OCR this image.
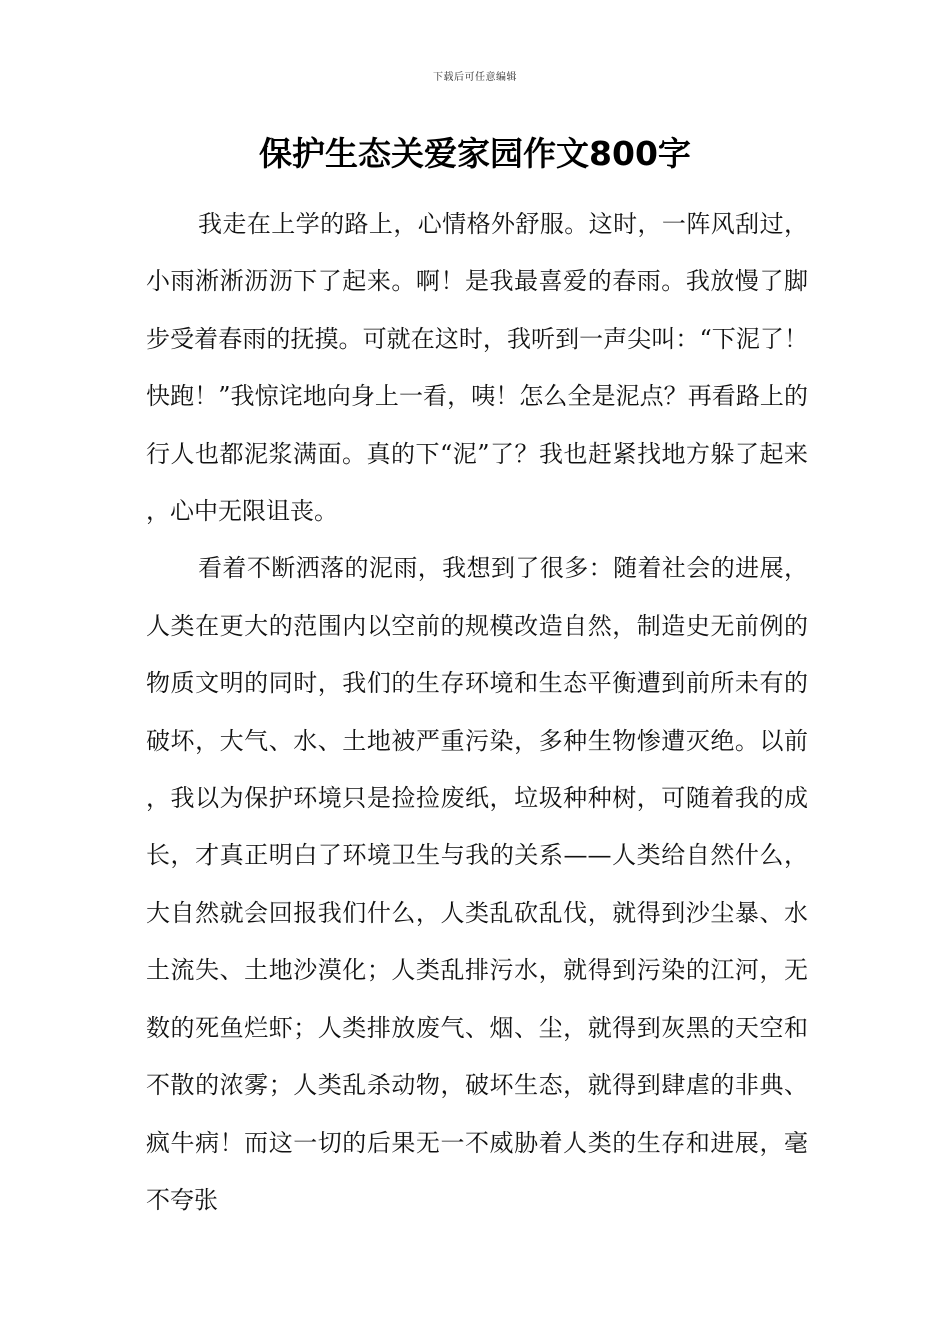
下载后可任意编辑
保护生态关爱家园作文800字

我走在上学的路上，心情格外舒服。这时，一阵风刮过，小雨淅淅沥沥下了起来。啊！是我最喜爱的春雨。我放慢了脚步受着春雨的抚摸。可就在这时，我听到一声尖叫：“下泥了！快跑！”我惊诧地向身上一看，咦！怎么全是泥点？再看路上的行人也都泥浆满面。真的下“泥”了？我也赶紧找地方躲了起来，心中无限诅丧。

看着不断洒落的泥雨，我想到了很多：随着社会的进展，人类在更大的范围内以空前的规模改造自然，制造史无前例的物质文明的同时，我们的生存环境和生态平衡遭到前所未有的破坏，大气、水、土地被严重污染，多种生物惨遭灭绝。以前，我以为保护环境只是捡捡废纸，垃圾种种树，可随着我的成长，才真正明白了环境卫生与我的关系——人类给自然什么，大自然就会回报我们什么，人类乱砍乱伐，就得到沙尘暴、水土流失、土地沙漠化；人类乱排污水，就得到污染的江河，无数的死鱼烂虾；人类排放废气、烟、尘，就得到灰黑的天空和不散的浓雾；人类乱杀动物，破坏生态，就得到肆虐的非典、疯牛病！而这一切的后果无一不威胁着人类的生存和进展，毫不夸张
